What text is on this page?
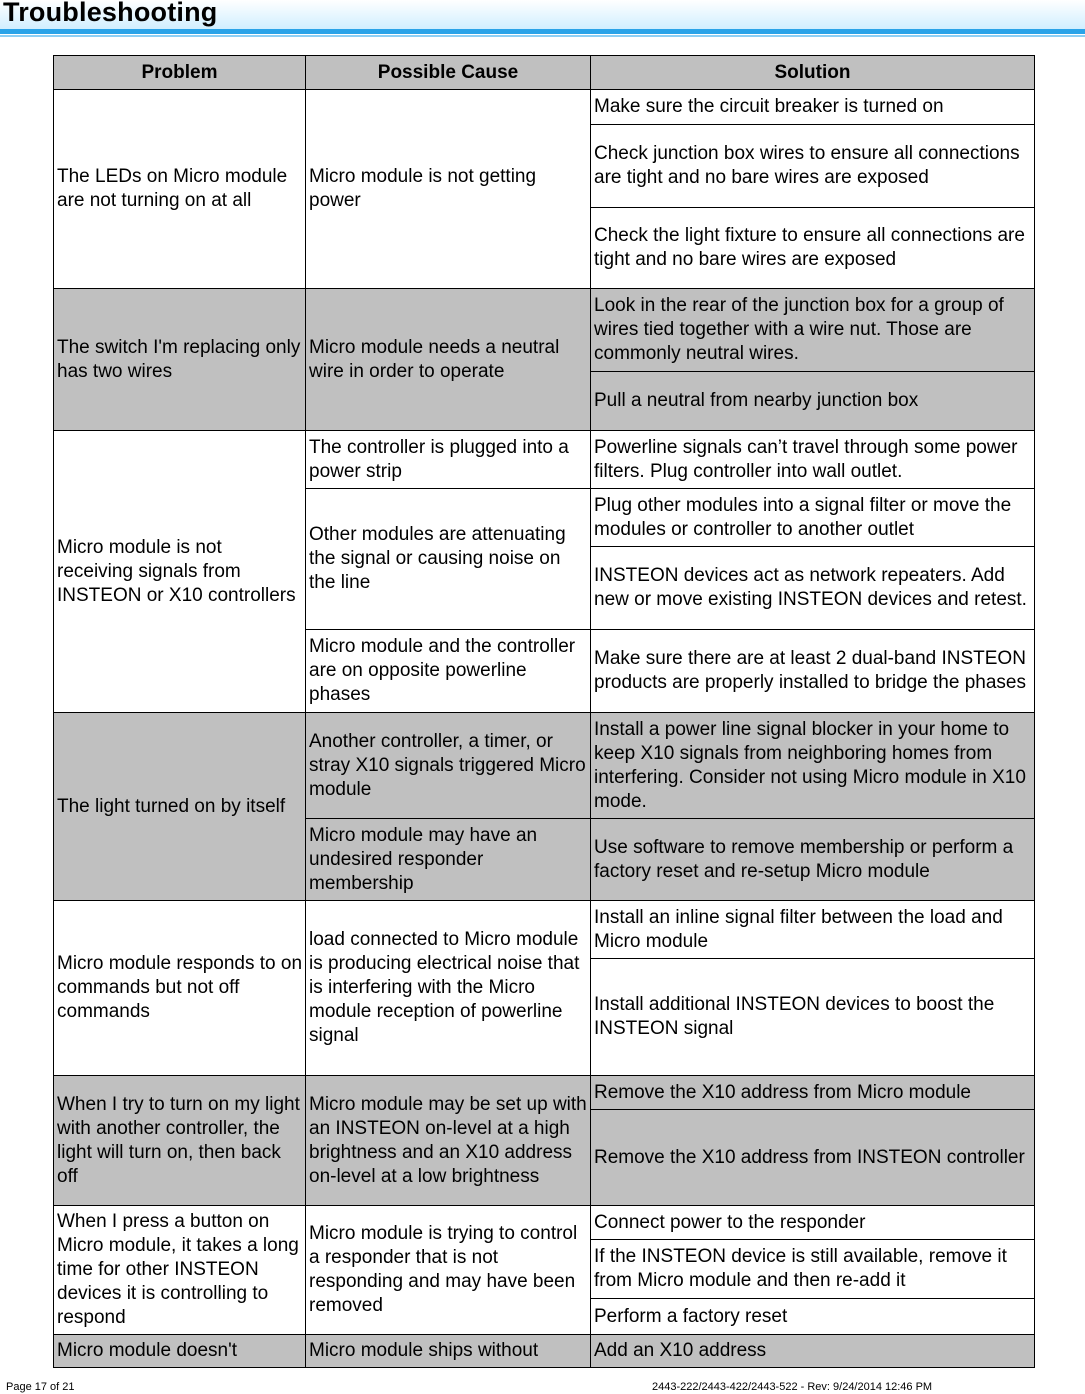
Troubleshooting
Problem	Possible Cause	Solution
The LEDs on Micro module are not turning on at all	Micro module is not getting power	Make sure the circuit breaker is turned on
		Check junction box wires to ensure all connections are tight and no bare wires are exposed
		Check the light fixture to ensure all connections are tight and no bare wires are exposed
The switch I'm replacing only has two wires	Micro module needs a neutral wire in order to operate	Look in the rear of the junction box for a group of wires tied together with a wire nut. Those are commonly neutral wires.
		Pull a neutral from nearby junction box
Micro module is not receiving signals from INSTEON or X10 controllers	The controller is plugged into a power strip	Powerline signals can’t travel through some power filters. Plug controller into wall outlet.
	Other modules are attenuating the signal or causing noise on the line	Plug other modules into a signal filter or move the modules or controller to another outlet
		INSTEON devices act as network repeaters. Add new or move existing INSTEON devices and retest.
	Micro module and the controller are on opposite powerline phases	Make sure there are at least 2 dual-band INSTEON products are properly installed to bridge the phases
The light turned on by itself	Another controller, a timer, or stray X10 signals triggered Micro module	Install a power line signal blocker in your home to keep X10 signals from neighboring homes from interfering. Consider not using Micro module in X10 mode.
	Micro module may have an undesired responder membership	Use software to remove membership or perform a factory reset and re-setup Micro module
Micro module responds to on commands but not off commands	load connected to Micro module is producing electrical noise that is interfering with the Micro module reception of powerline signal	Install an inline signal filter between the load and Micro module
		Install additional INSTEON devices to boost the INSTEON signal
When I try to turn on my light with another controller, the light will turn on, then back off	Micro module may be set up with an INSTEON on-level at a high brightness and an X10 address on-level at a low brightness	Remove the X10 address from Micro module
		Remove the X10 address from INSTEON controller
When I press a button on Micro module, it takes a long time for other INSTEON devices it is controlling to respond	Micro module is trying to control a responder that is not responding and may have been removed	Connect power to the responder
		If the INSTEON device is still available, remove it from Micro module and then re-add it
		Perform a factory reset
Micro module doesn't	Micro module ships without	Add an X10 address
Page 17 of 21	2443-222/2443-422/2443-522 - Rev: 9/24/2014 12:46 PM
